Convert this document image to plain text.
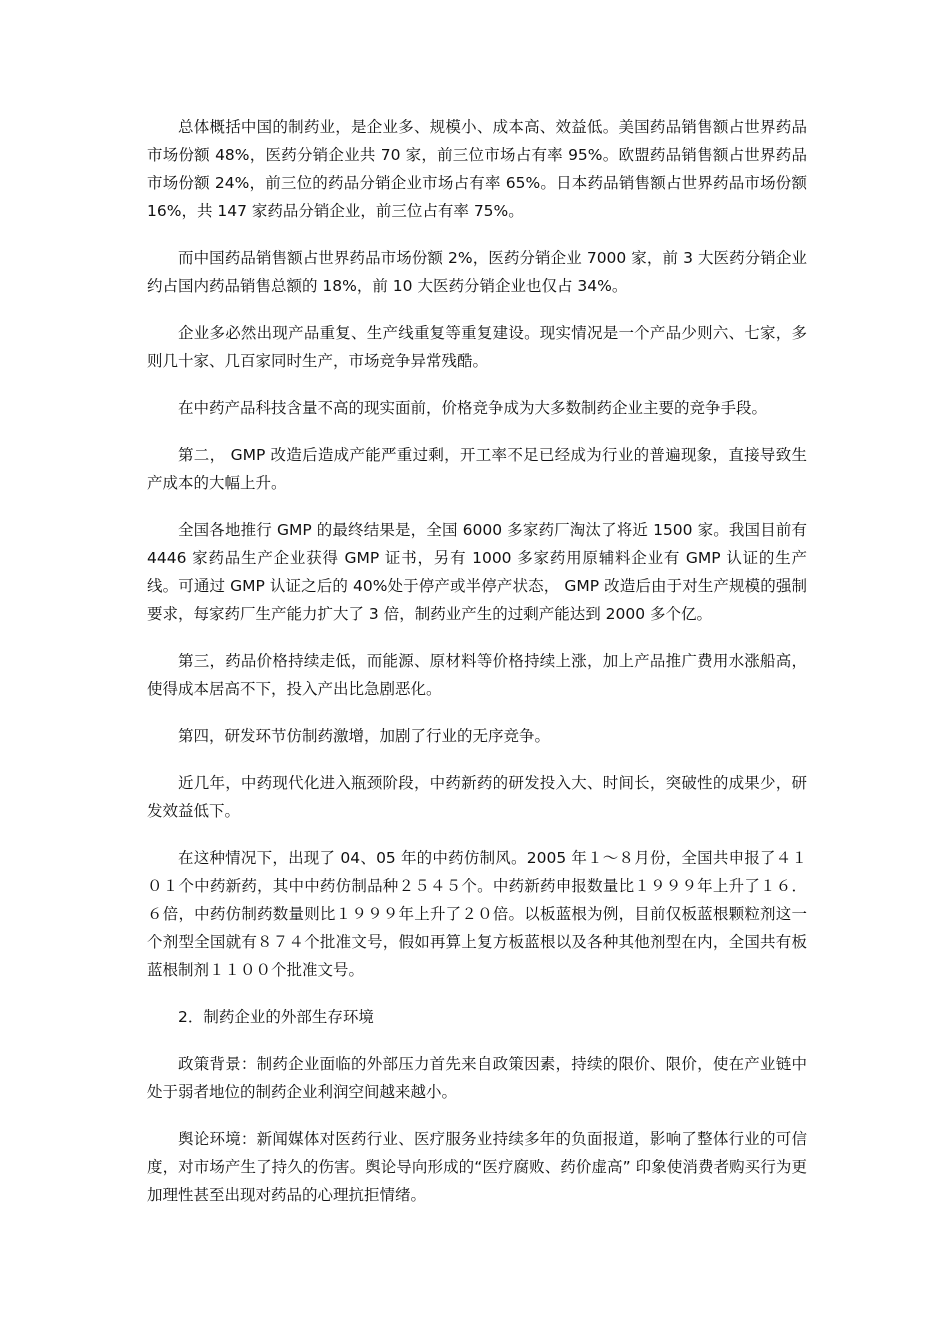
总体概括中国的制药业，是企业多、规模小、成本高、效益低。美国药品销售额占世界药品市场份额 48%，医药分销企业共 70 家，前三位市场占有率 95%。欧盟药品销售额占世界药品市场份额 24%，前三位的药品分销企业市场占有率 65%。日本药品销售额占世界药品市场份额 16%，共 147 家药品分销企业，前三位占有率 75%。

而中国药品销售额占世界药品市场份额 2%，医药分销企业 7000 家，前 3 大医药分销企业约占国内药品销售总额的 18%，前 10 大医药分销企业也仅占 34%。

企业多必然出现产品重复、生产线重复等重复建设。现实情况是一个产品少则六、七家，多则几十家、几百家同时生产，市场竞争异常残酷。

在中药产品科技含量不高的现实面前，价格竞争成为大多数制药企业主要的竞争手段。

第二， GMP 改造后造成产能严重过剩，开工率不足已经成为行业的普遍现象，直接导致生产成本的大幅上升。

全国各地推行 GMP 的最终结果是，全国 6000 多家药厂淘汰了将近 1500 家。我国目前有 4446 家药品生产企业获得 GMP 证书，另有 1000 多家药用原辅料企业有 GMP 认证的生产线。可通过 GMP 认证之后的 40%处于停产或半停产状态， GMP 改造后由于对生产规模的强制要求，每家药厂生产能力扩大了 3 倍，制药业产生的过剩产能达到 2000 多个亿。

第三，药品价格持续走低，而能源、原材料等价格持续上涨，加上产品推广费用水涨船高，使得成本居高不下，投入产出比急剧恶化。

第四，研发环节仿制药激增，加剧了行业的无序竞争。

近几年，中药现代化进入瓶颈阶段，中药新药的研发投入大、时间长，突破性的成果少，研发效益低下。

在这种情况下，出现了 04、05 年的中药仿制风。2005 年１～８月份，全国共申报了４１０１个中药新药，其中中药仿制品种２５４５个。中药新药申报数量比１９９９年上升了１６．６倍，中药仿制药数量则比１９９９年上升了２０倍。以板蓝根为例，目前仅板蓝根颗粒剂这一个剂型全国就有８７４个批准文号，假如再算上复方板蓝根以及各种其他剂型在内，全国共有板蓝根制剂１１００个批准文号。

2．制药企业的外部生存环境

政策背景：制药企业面临的外部压力首先来自政策因素，持续的限价、限价，使在产业链中处于弱者地位的制药企业利润空间越来越小。

舆论环境：新闻媒体对医药行业、医疗服务业持续多年的负面报道，影响了整体行业的可信度，对市场产生了持久的伤害。舆论导向形成的“医疗腐败、药价虚高” 印象使消费者购买行为更加理性甚至出现对药品的心理抗拒情绪。
